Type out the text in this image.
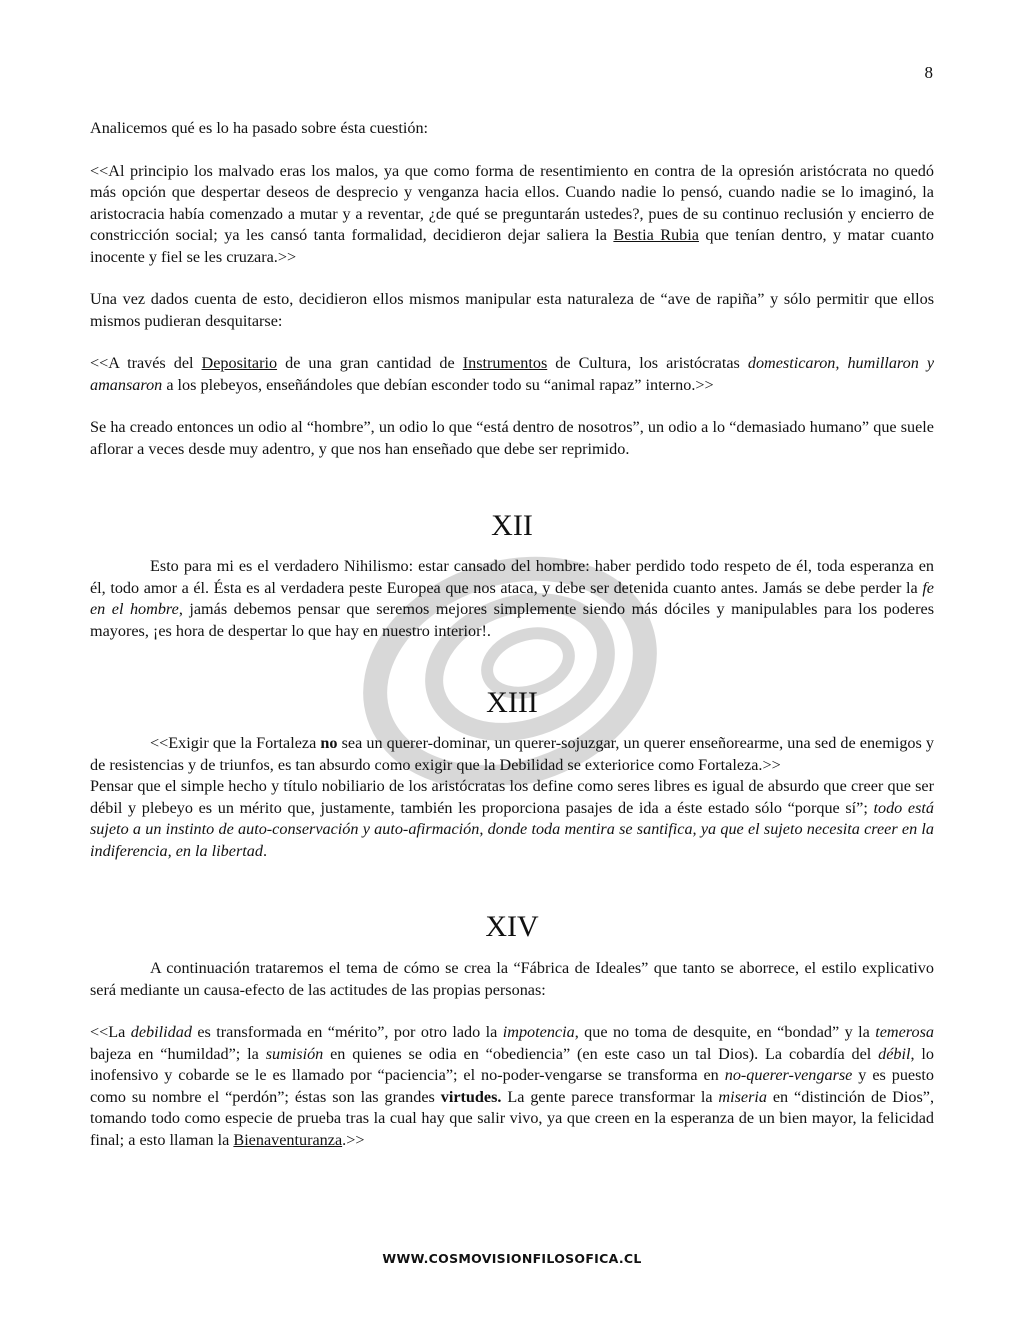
8

Analicemos qué es lo ha pasado sobre ésta cuestión:

<<Al principio los malvado eras los malos, ya que como forma de resentimiento en contra de la opresión aristócrata no quedó más opción que despertar deseos de desprecio y venganza hacia ellos. Cuando nadie lo pensó, cuando nadie se lo imaginó, la aristocracia había comenzado a mutar y a reventar, ¿de qué se preguntarán ustedes?, pues de su continuo reclusión y encierro de constricción social; ya les cansó tanta formalidad, decidieron dejar saliera la Bestia Rubia que tenían dentro, y matar cuanto inocente y fiel se les cruzara.>>

Una vez dados cuenta de esto, decidieron ellos mismos manipular esta naturaleza de “ave de rapiña” y sólo permitir que ellos mismos pudieran desquitarse:

<<A través del Depositario de una gran cantidad de Instrumentos de Cultura, los aristócratas domesticaron, humillaron y amansaron a los plebeyos, enseñándoles que debían esconder todo su “animal rapaz” interno.>>

Se ha creado entonces un odio al “hombre”, un odio lo que “está dentro de nosotros”, un odio a lo “demasiado humano” que suele aflorar a veces desde muy adentro, y que nos han enseñado que debe ser reprimido.

XII

Esto para mi es el verdadero Nihilismo: estar cansado del hombre: haber perdido todo respeto de él, toda esperanza en él, todo amor a él. Ésta es al verdadera peste Europea que nos ataca, y debe ser detenida cuanto antes. Jamás se debe perder la fe en el hombre, jamás debemos pensar que seremos mejores simplemente siendo más dóciles y manipulables para los poderes mayores, ¡es hora de despertar lo que hay en nuestro interior!.

XIII

<<Exigir que la Fortaleza no sea un querer-dominar, un querer-sojuzgar, un querer enseñorearme, una sed de enemigos y de resistencias y de triunfos, es tan absurdo como exigir que la Debilidad se exteriorice como Fortaleza.>>

Pensar que el simple hecho y título nobiliario de los aristócratas los define como seres libres es igual de absurdo que creer que ser débil y plebeyo es un mérito que, justamente, también les proporciona pasajes de ida a éste estado sólo “porque sí”; todo está sujeto a un instinto de auto-conservación y auto-afirmación, donde toda mentira se santifica, ya que el sujeto necesita creer en la indiferencia, en la libertad.

XIV

A continuación trataremos el tema de cómo se crea la “Fábrica de Ideales” que tanto se aborrece, el estilo explicativo será mediante un causa-efecto de las actitudes de las propias personas:

<<La debilidad es transformada en “mérito”, por otro lado la impotencia, que no toma de desquite, en “bondad” y la temerosa bajeza en “humildad”; la sumisión en quienes se odia en “obediencia” (en este caso un tal Dios). La cobardía del débil, lo inofensivo y cobarde se le es llamado por “paciencia”; el no-poder-vengarse se transforma en no-querer-vengarse y es puesto como su nombre el “perdón”; éstas son las grandes virtudes. La gente parece transformar la miseria en “distinción de Dios”, tomando todo como especie de prueba tras la cual hay que salir vivo, ya que creen en la esperanza de un bien mayor, la felicidad final; a esto llaman la Bienaventuranza.>>

WWW.COSMOVISIONFILOSOFICA.CL
